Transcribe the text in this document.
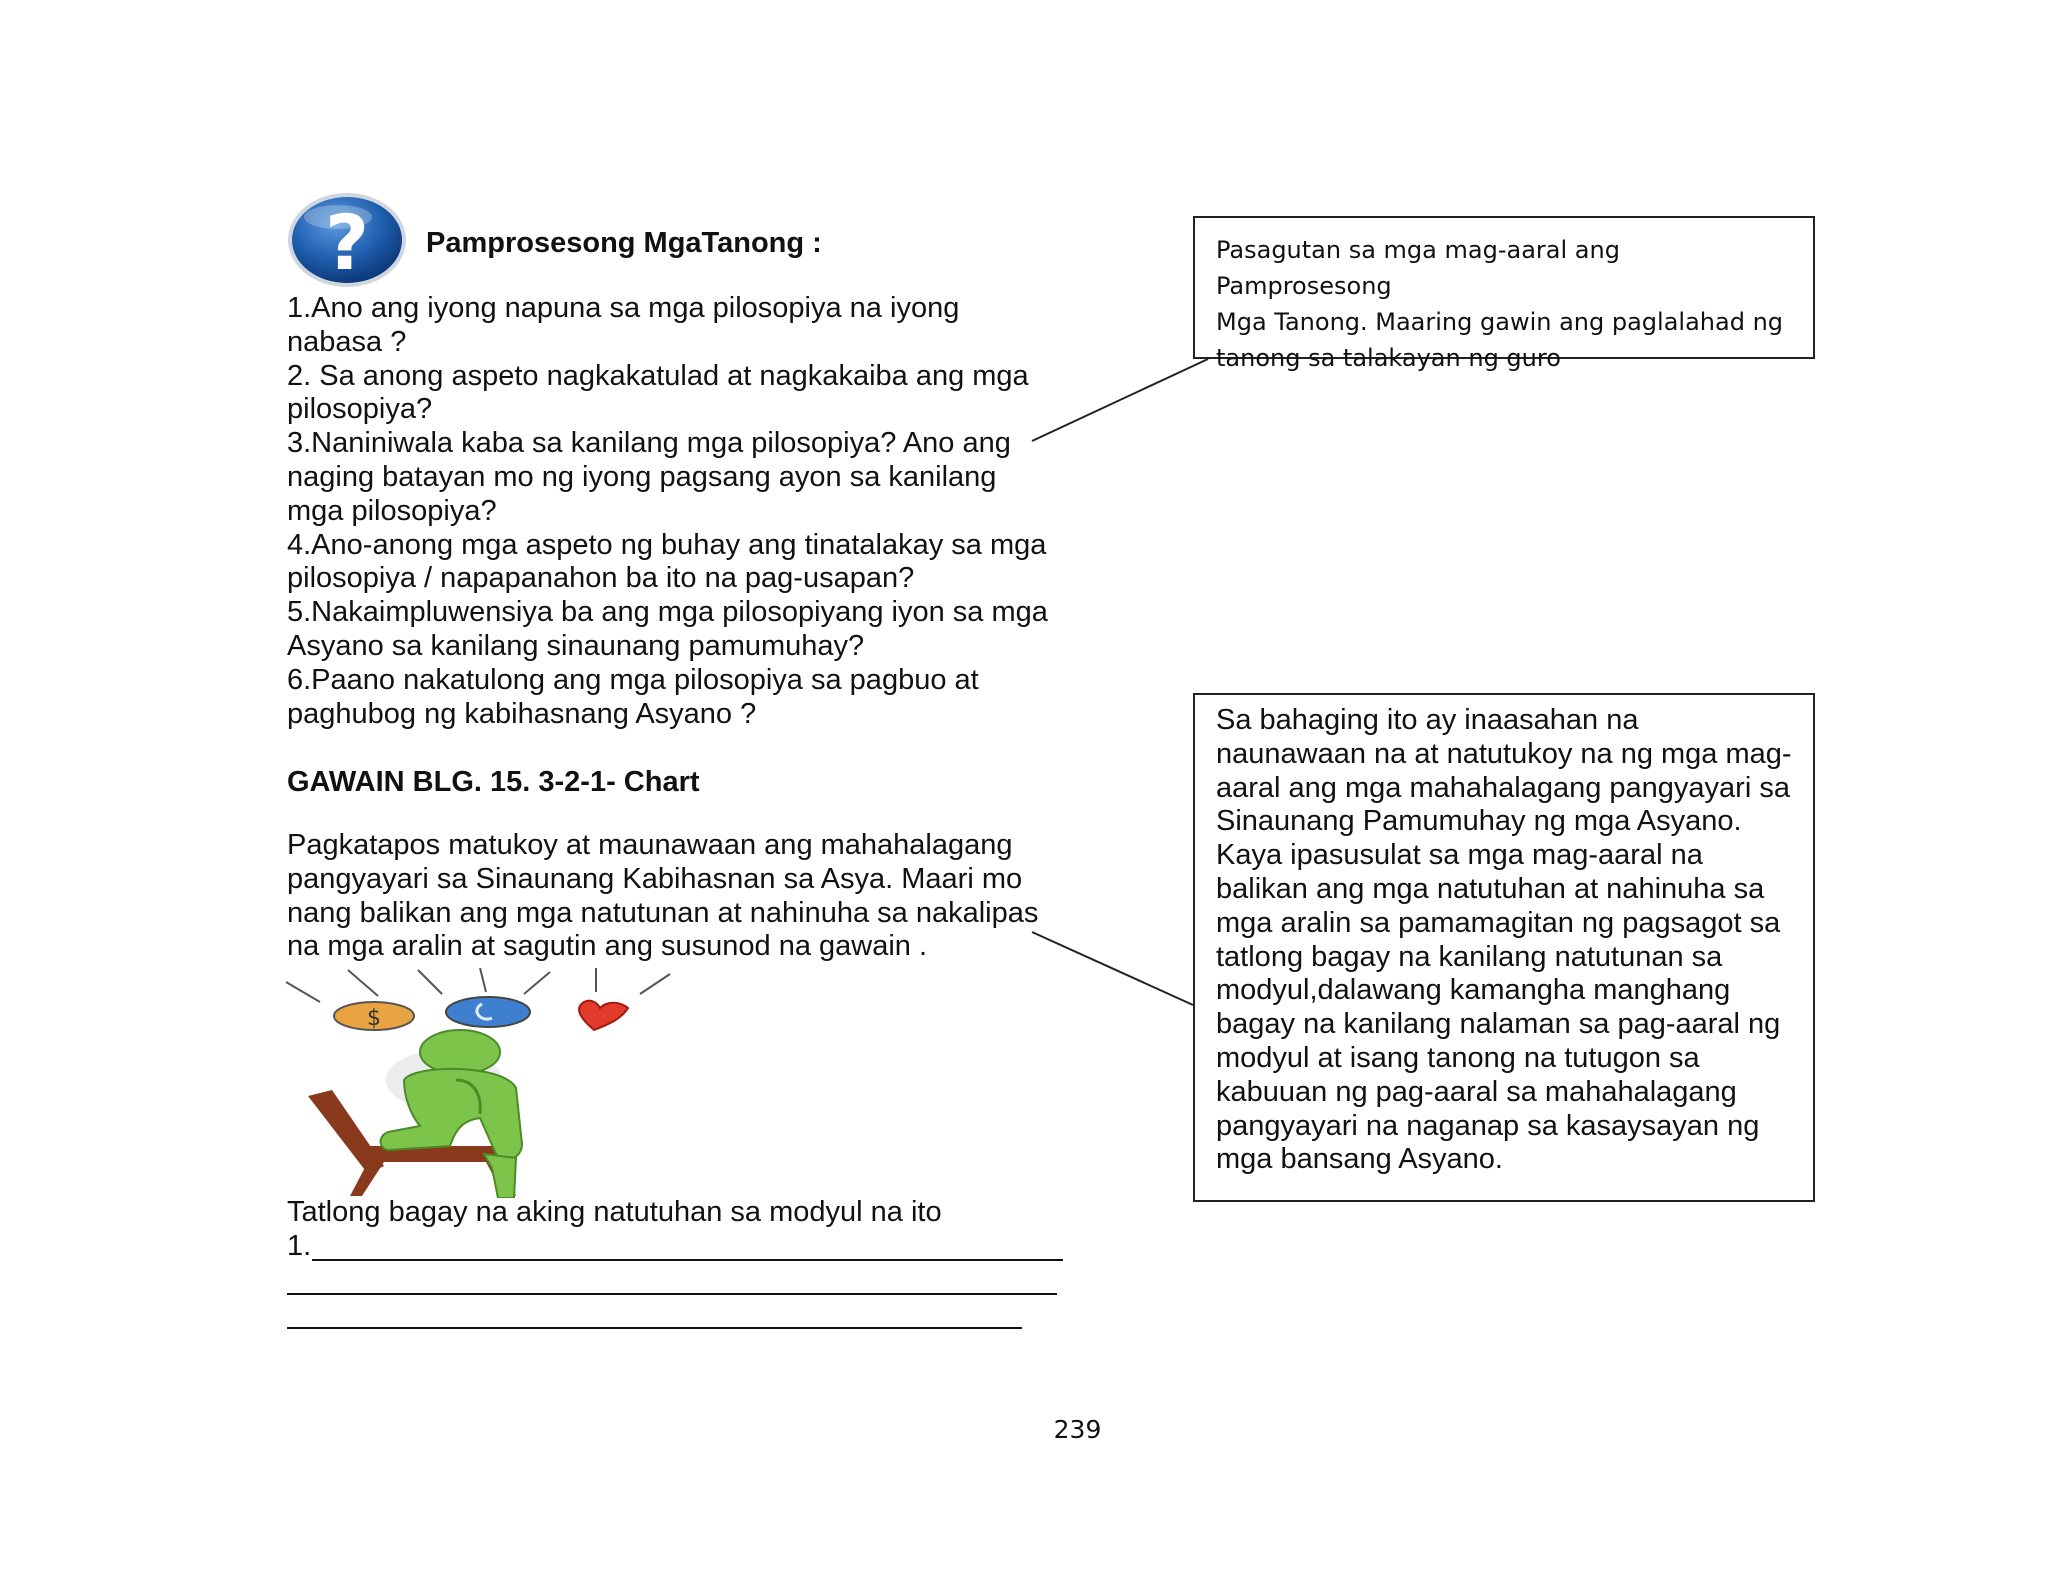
? Pamprosesong MgaTanong :
1.Ano ang iyong napuna sa mga pilosopiya na iyong
nabasa ?
2. Sa anong aspeto nagkakatulad at nagkakaiba ang mga
pilosopiya?
3.Naniniwala kaba sa kanilang mga pilosopiya? Ano ang
naging batayan mo ng iyong pagsang ayon sa kanilang
mga pilosopiya?
4.Ano-anong mga aspeto ng buhay ang tinatalakay sa mga
pilosopiya / napapanahon ba ito na pag-usapan?
5.Nakaimpluwensiya ba ang mga pilosopiyang iyon sa mga
Asyano sa kanilang sinaunang pamumuhay?
6.Paano nakatulong ang mga pilosopiya sa pagbuo at
paghubog ng kabihasnang Asyano ?
GAWAIN BLG. 15. 3-2-1- Chart
Pagkatapos matukoy at maunawaan ang mahahalagang
pangyayari sa Sinaunang Kabihasnan sa Asya. Maari mo
nang balikan ang mga natutunan at nahinuha sa nakalipas
na mga aralin at sagutin ang susunod na gawain .
$
Tatlong bagay na aking natutuhan sa modyul na ito
1.
Pasagutan sa mga mag-aaral ang Pamprosesong
Mga Tanong. Maaring gawin ang paglalahad ng
tanong sa talakayan ng guro
Sa bahaging ito ay inaasahan na
naunawaan na at natutukoy na ng mga mag-
aaral ang mga mahahalagang pangyayari sa
Sinaunang Pamumuhay ng mga Asyano.
Kaya ipasusulat sa mga mag-aaral na
balikan ang mga natutuhan at nahinuha sa
mga aralin sa pamamagitan ng pagsagot sa
tatlong bagay na kanilang natutunan sa
modyul,dalawang kamangha manghang
bagay na kanilang nalaman sa pag-aaral ng
modyul at isang tanong na tutugon sa
kabuuan ng pag-aaral sa mahahalagang
pangyayari na naganap sa kasaysayan ng
mga bansang Asyano.
239
